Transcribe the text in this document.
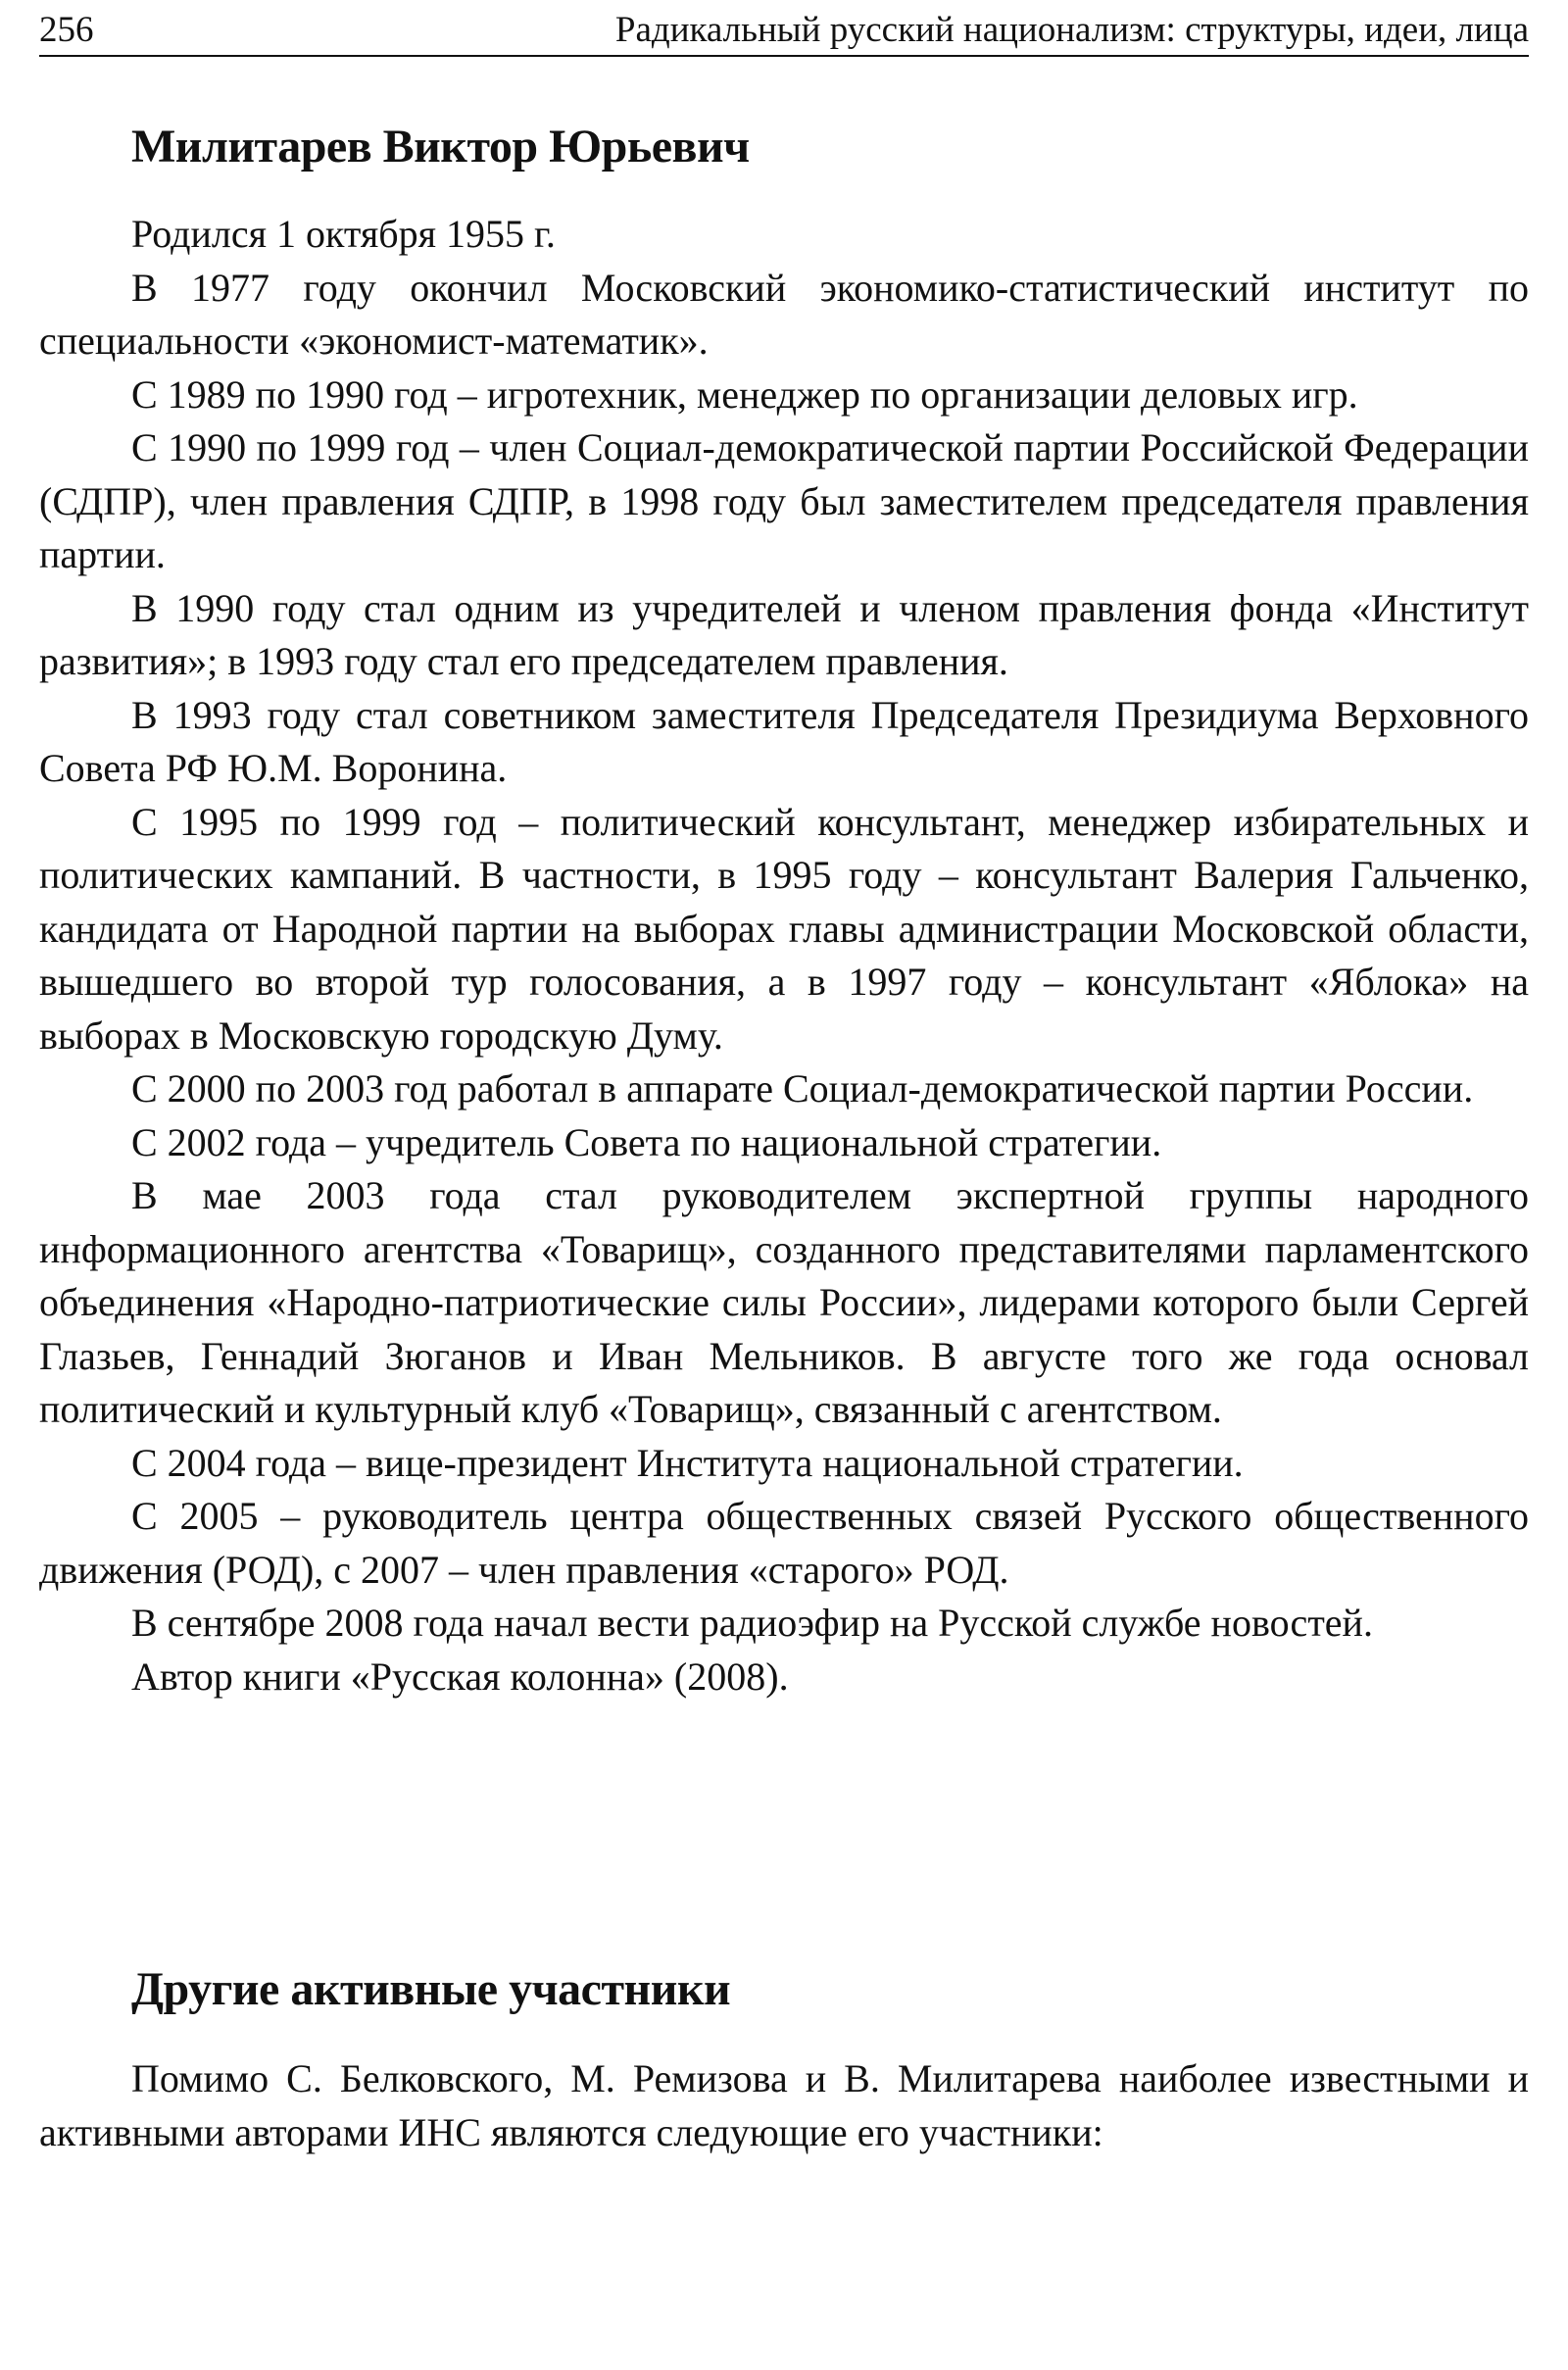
256	Радикальный русский национализм: структуры, идеи, лица
Милитарев Виктор Юрьевич

Родился 1 октября 1955 г.

В 1977 году окончил Московский экономико-статистический институт по специальности «экономист-математик».

С 1989 по 1990 год – игротехник, менеджер по организации деловых игр.

С 1990 по 1999 год – член Социал-демократической партии Российской Федерации (СДПР), член правления СДПР, в 1998 году был заместителем председателя правления партии.

В 1990 году стал одним из учредителей и членом правления фонда «Институт развития»; в 1993 году стал его председателем правления.

В 1993 году стал советником заместителя Председателя Президиума Верховного Совета РФ Ю.М. Воронина.

С 1995 по 1999 год – политический консультант, менеджер избирательных и политических кампаний. В частности, в 1995 году – консультант Валерия Гальченко, кандидата от Народной партии на выборах главы администрации Московской области, вышедшего во второй тур голосования, а в 1997 году – консультант «Яблока» на выборах в Московскую городскую Думу.

С 2000 по 2003 год работал в аппарате Социал-демократической партии России.

С 2002 года – учредитель Совета по национальной стратегии.

В мае 2003 года стал руководителем экспертной группы народного информационного агентства «Товарищ», созданного представителями парламентского объединения «Народно-патриотические силы России», лидерами которого были Сергей Глазьев, Геннадий Зюганов и Иван Мельников. В августе того же года основал политический и культурный клуб «Товарищ», связанный с агентством.

С 2004 года – вице-президент Института национальной стратегии.

С 2005 – руководитель центра общественных связей Русского общественного движения (РОД), с 2007 – член правления «старого» РОД.

В сентябре 2008 года начал вести радиоэфир на Русской службе новостей.

Автор книги «Русская колонна» (2008).

Другие активные участники

Помимо С. Белковского, М. Ремизова и В. Милитарева наиболее известными и активными авторами ИНС являются следующие его участники:
